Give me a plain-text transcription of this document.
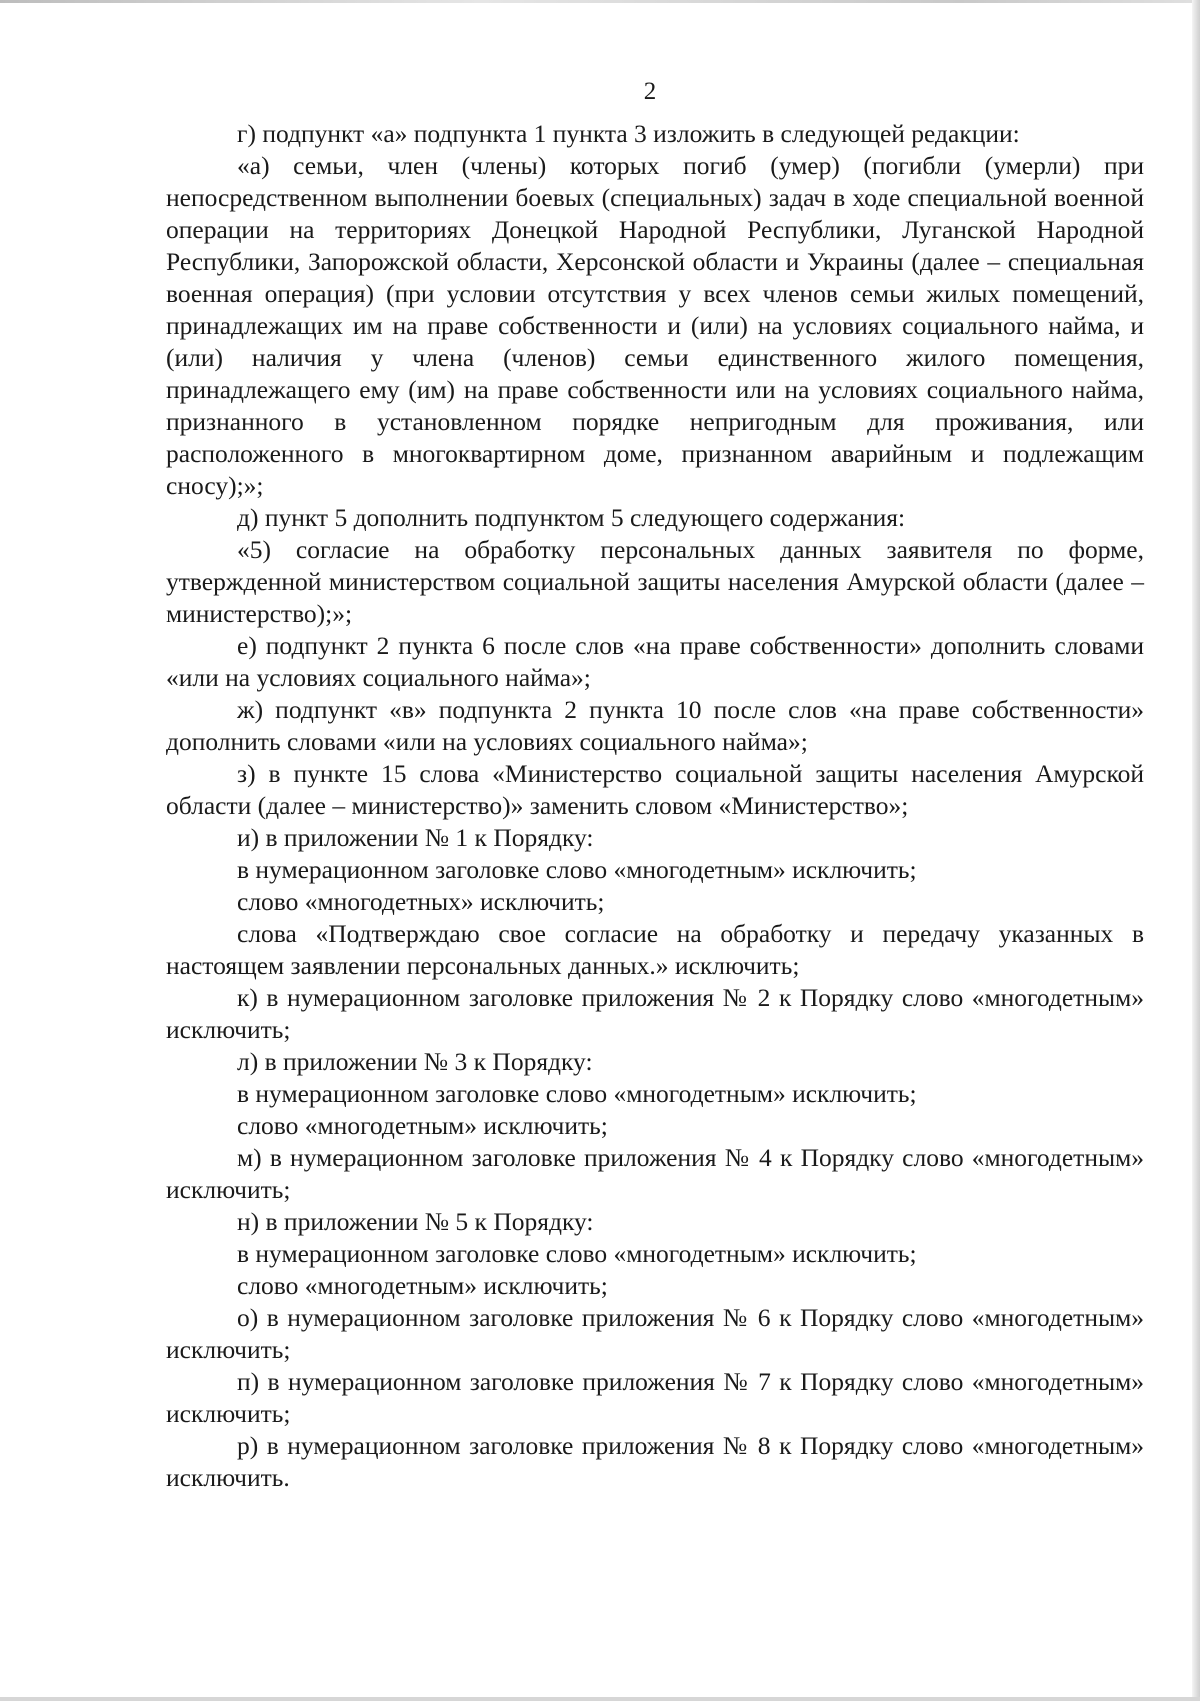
2

г) подпункт «а» подпункта 1 пункта 3 изложить в следующей редакции:

«а) семьи, член (члены) которых погиб (умер) (погибли (умерли) при непосредственном выполнении боевых (специальных) задач в ходе специальной военной операции на территориях Донецкой Народной Республики, Луганской Народной Республики, Запорожской области, Херсонской области и Украины (далее – специальная военная операция) (при условии отсутствия у всех членов семьи жилых помещений, принадлежащих им на праве собственности и (или) на условиях социального найма, и (или) наличия у члена (членов) семьи единственного жилого помещения, принадлежащего ему (им) на праве собственности или на условиях социального найма, признанного в установленном порядке непригодным для проживания, или расположенного в многоквартирном доме, признанном аварийным и подлежащим сносу);»;

д) пункт 5 дополнить подпунктом 5 следующего содержания:

«5) согласие на обработку персональных данных заявителя по форме, утвержденной министерством социальной защиты населения Амурской области (далее – министерство);»;

е) подпункт 2 пункта 6 после слов «на праве собственности» дополнить словами «или на условиях социального найма»;

ж) подпункт «в» подпункта 2 пункта 10 после слов «на праве собственности» дополнить словами «или на условиях социального найма»;

з) в пункте 15 слова «Министерство социальной защиты населения Амурской области (далее – министерство)» заменить словом «Министерство»;

и) в приложении № 1 к Порядку:

в нумерационном заголовке слово «многодетным» исключить;

слово «многодетных» исключить;

слова «Подтверждаю свое согласие на обработку и передачу указанных в настоящем заявлении персональных данных.» исключить;

к) в нумерационном заголовке приложения № 2 к Порядку слово «многодетным» исключить;

л) в приложении № 3 к Порядку:

в нумерационном заголовке слово «многодетным» исключить;

слово «многодетным» исключить;

м) в нумерационном заголовке приложения № 4 к Порядку слово «многодетным» исключить;

н) в приложении № 5 к Порядку:

в нумерационном заголовке слово «многодетным» исключить;

слово «многодетным» исключить;

о) в нумерационном заголовке приложения № 6 к Порядку слово «многодетным» исключить;

п) в нумерационном заголовке приложения № 7 к Порядку слово «многодетным» исключить;

р) в нумерационном заголовке приложения № 8 к Порядку слово «многодетным» исключить.
